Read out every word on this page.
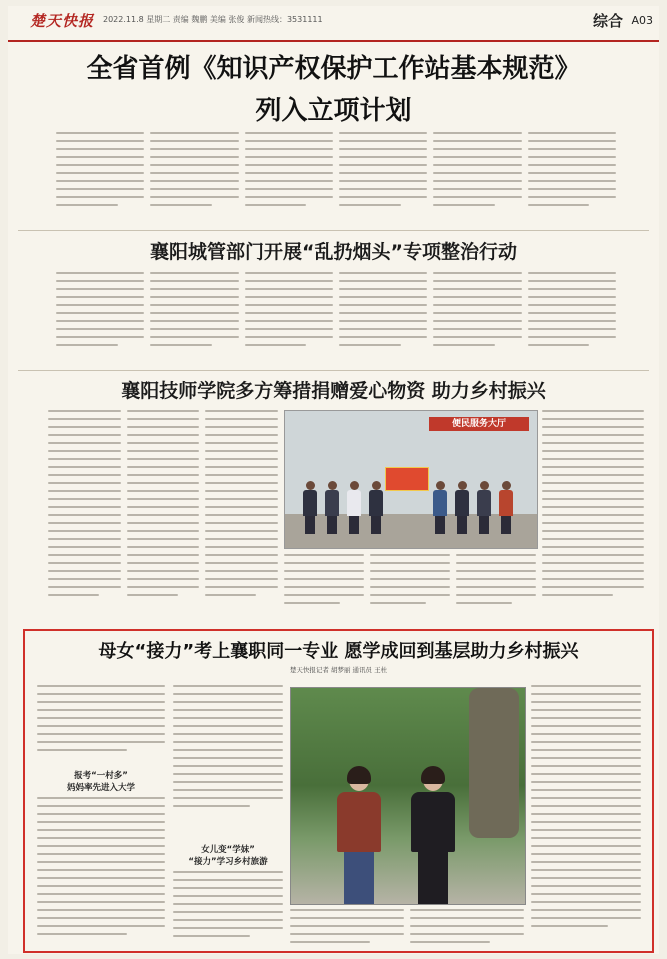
楚天快报 2022.11.8 星期二 责编 魏鹏 美编 张俊 新闻热线：3531111	综合 A03
全省首例《知识产权保护工作站基本规范》
列入立项计划
襄阳城管部门开展“乱扔烟头”专项整治行动
襄阳技师学院多方筹措捐赠爱心物资 助力乡村振兴
便民服务大厅
母女“接力”考上襄职同一专业 愿学成回到基层助力乡村振兴
楚天快报记者 胡梦丽 通讯员 王杜
报考“一村多”
妈妈率先进入大学
女儿变“学妹”
“接力”学习乡村旅游
